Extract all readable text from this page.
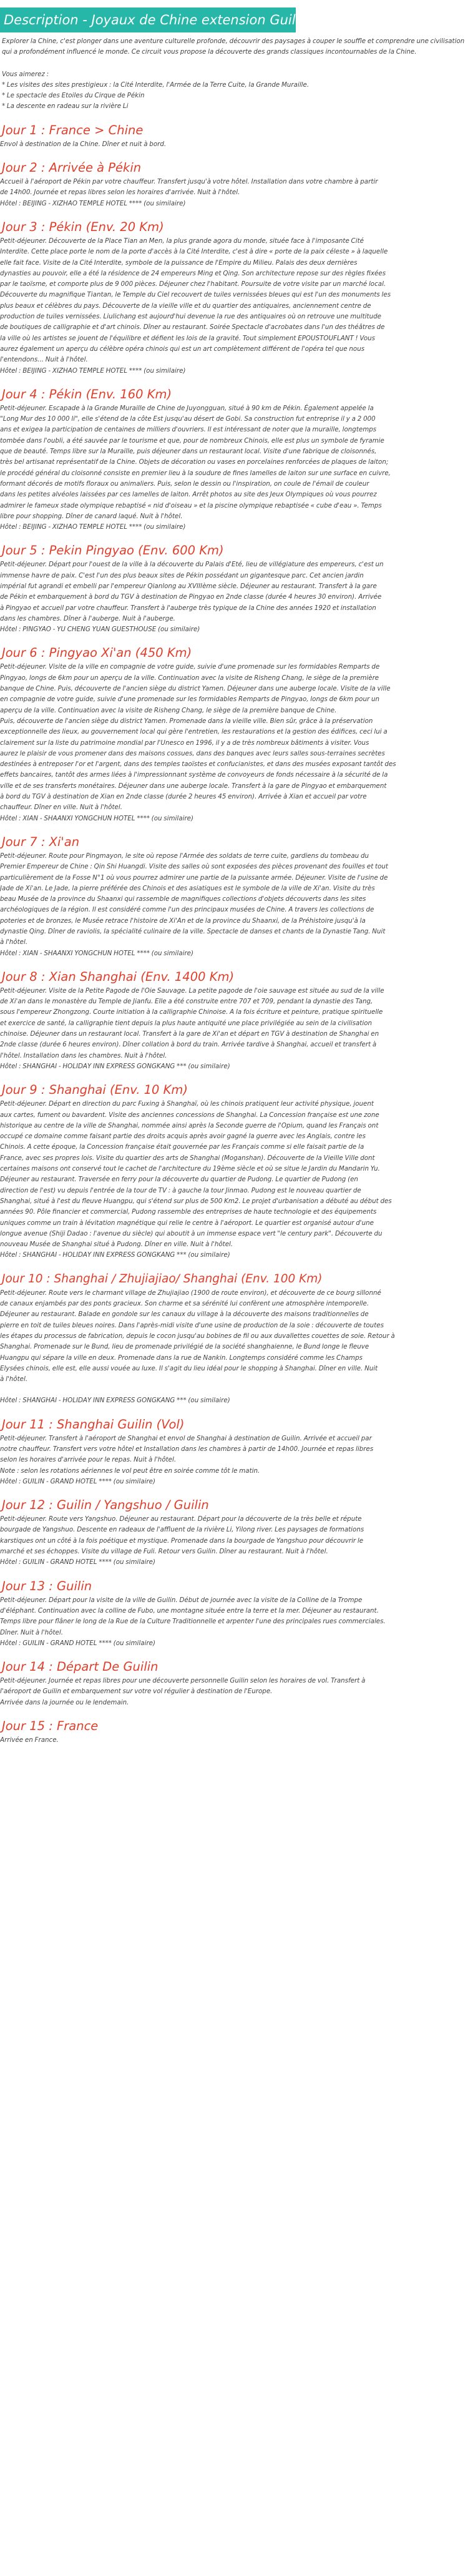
Description - Joyaux de Chine extension Guilin - 15J/12N

Explorer la Chine, c'est plonger dans une aventure culturelle profonde, découvrir des paysages à couper le souffle et comprendre une civilisation qui a profondément influencé le monde. Ce circuit vous propose la découverte des grands classiques incontournables de la Chine.

Vous aimerez :

* Les visites des sites prestigieux : la Cité Interdite, l'Armée de la Terre Cuite, la Grande Muraille.

* Le spectacle des Etoiles du Cirque de Pékin

* La descente en radeau sur la rivière Li

Jour 1 : France > Chine

Envol à destination de la Chine. Dîner et nuit à bord.

Jour 2 : Arrivée à Pékin

Accueil à l'aéroport de Pékin par votre chauffeur. Transfert jusqu'à votre hôtel. Installation dans votre chambre à partir

de 14h00. Journée et repas libres selon les horaires d'arrivée. Nuit à l'hôtel.

Hôtel : BEIJING - XIZHAO TEMPLE HOTEL **** (ou similaire)

Jour 3 : Pékin (Env. 20 Km)

Petit-déjeuner. Découverte de la Place Tian an Men, la plus grande agora du monde, située face à l'imposante Cité

Interdite. Cette place porte le nom de la porte d'accès à la Cité Interdite, c'est à dire « porte de la paix céleste » à laquelle

elle fait face. Visite de la Cité Interdite, symbole de la puissance de l'Empire du Milieu. Palais des deux dernières

dynasties au pouvoir, elle a été la résidence de 24 empereurs Ming et Qing. Son architecture repose sur des règles fixées

par le taoïsme, et comporte plus de 9 000 pièces. Déjeuner chez l'habitant. Poursuite de votre visite par un marché local.

Découverte du magnifique Tiantan, le Temple du Ciel recouvert de tuiles vernissées bleues qui est l'un des monuments les

plus beaux et célèbres du pays. Découverte de la vieille ville et du quartier des antiquaires, anciennement centre de

production de tuiles vernissées. Liulichang est aujourd'hui devenue la rue des antiquaires où on retrouve une multitude

de boutiques de calligraphie et d'art chinois. Dîner au restaurant. Soirée Spectacle d'acrobates dans l'un des théâtres de

la ville où les artistes se jouent de l'équilibre et défient les lois de la gravité. Tout simplement EPOUSTOUFLANT ! Vous

aurez également un aperçu du célèbre opéra chinois qui est un art complètement différent de l'opéra tel que nous

l'entendons... Nuit à l'hôtel.

Hôtel : BEIJING - XIZHAO TEMPLE HOTEL **** (ou similaire)

Jour 4 : Pékin (Env. 160 Km)

Petit-déjeuner. Escapade à la Grande Muraille de Chine de Juyongguan, situé à 90 km de Pékin. Également appelée la

"Long Mur des 10 000 li", elle s'étend de la côte Est jusqu'au désert de Gobi. Sa construction fut entreprise il y a 2 000

ans et exigea la participation de centaines de milliers d'ouvriers. Il est intéressant de noter que la muraille, longtemps

tombée dans l'oubli, a été sauvée par le tourisme et que, pour de nombreux Chinois, elle est plus un symbole de fyramie

que de beauté. Temps libre sur la Muraille, puis déjeuner dans un restaurant local. Visite d'une fabrique de cloisonnés,

très bel artisanat représentatif de la Chine. Objets de décoration ou vases en porcelaines renforcées de plaques de laiton;

le procédé général du cloisonné consiste en premier lieu à la soudure de fines lamelles de laiton sur une surface en cuivre,

formant décorés de motifs floraux ou animaliers. Puis, selon le dessin ou l'inspiration, on coule de l'émail de couleur

dans les petites alvéoles laissées par ces lamelles de laiton. Arrêt photos au site des Jeux Olympiques où vous pourrez

admirer le fameux stade olympique rebaptisé « nid d'oiseau » et la piscine olympique rebaptisée « cube d'eau ». Temps

libre pour shopping. Dîner de canard laqué. Nuit à l'hôtel.

Hôtel : BEIJING - XIZHAO TEMPLE HOTEL **** (ou similaire)

Jour 5 : Pekin Pingyao (Env. 600 Km)

Petit-déjeuner. Départ pour l'ouest de la ville à la découverte du Palais d'Eté, lieu de villégiature des empereurs, c'est un

immense havre de paix. C'est l'un des plus beaux sites de Pékin possédant un gigantesque parc. Cet ancien jardin

impérial fut agrandi et embelli par l'empereur Qianlong au XVIIIème siècle. Déjeuner au restaurant. Transfert à la gare

de Pékin et embarquement à bord du TGV à destination de Pingyao en 2nde classe (durée 4 heures 30 environ). Arrivée

à Pingyao et accueil par votre chauffeur. Transfert à l'auberge très typique de la Chine des années 1920 et installation

dans les chambres. Dîner à l'auberge. Nuit à l'auberge.

Hôtel : PINGYAO - YU CHENG YUAN GUESTHOUSE (ou similaire)

Jour 6 : Pingyao Xi'an (450 Km)

Petit-déjeuner. Visite de la ville en compagnie de votre guide, suivie d'une promenade sur les formidables Remparts de

Pingyao, longs de 6km pour un aperçu de la ville. Continuation avec la visite de Risheng Chang, le siège de la première

banque de Chine. Puis, découverte de l'ancien siège du district Yamen. Déjeuner dans une auberge locale. Visite de la ville

en compagnie de votre guide, suivie d'une promenade sur les formidables Remparts de Pingyao, longs de 6km pour un

aperçu de la ville. Continuation avec la visite de Risheng Chang, le siège de la première banque de Chine.

Puis, découverte de l'ancien siège du district Yamen. Promenade dans la vieille ville. Bien sûr, grâce à la préservation

exceptionnelle des lieux, au gouvernement local qui gère l'entretien, les restaurations et la gestion des édifices, ceci lui a

clairement sur la liste du patrimoine mondial par l'Unesco en 1996, il y a de très nombreux bâtiments à visiter. Vous

aurez le plaisir de vous promener dans des maisons cossues, dans des banques avec leurs salles sous-terraines secrètes

destinées à entreposer l'or et l'argent, dans des temples taoïstes et confucianistes, et dans des musées exposant tantôt des

effets bancaires, tantôt des armes liées à l'impressionnant système de convoyeurs de fonds nécessaire à la sécurité de la

ville et de ses transferts monétaires. Déjeuner dans une auberge locale. Transfert à la gare de Pingyao et embarquement

à bord du TGV à destination de Xian en 2nde classe (durée 2 heures 45 environ). Arrivée à Xian et accueil par votre

chauffeur. Dîner en ville. Nuit à l'hôtel.

Hôtel : XIAN - SHAANXI YONGCHUN HOTEL **** (ou similaire)

Jour 7 : Xi'an

Petit-déjeuner. Route pour Pingmayon, le site où repose l'Armée des soldats de terre cuite, gardiens du tombeau du

Premier Empereur de Chine : Qin Shi Huangdi. Visite des salles où sont exposées des pièces provenant des fouilles et tout

particulièrement de la Fosse N°1 où vous pourrez admirer une partie de la puissante armée. Déjeuner. Visite de l'usine de

Jade de Xi'an. Le Jade, la pierre préférée des Chinois et des asiatiques est le symbole de la ville de Xi'an. Visite du très

beau Musée de la province du Shaanxi qui rassemble de magnifiques collections d'objets découverts dans les sites

archéologiques de la région. Il est considéré comme l'un des principaux musées de Chine. A travers les collections de

poteries et de bronzes, le Musée retrace l'histoire de Xi'An et de la province du Shaanxi, de la Préhistoire jusqu'à la

dynastie Qing. Dîner de raviolis, la spécialité culinaire de la ville. Spectacle de danses et chants de la Dynastie Tang. Nuit

à l'hôtel.

Hôtel : XIAN - SHAANXI YONGCHUN HOTEL **** (ou similaire)

Jour 8 : Xian Shanghai (Env. 1400 Km)

Petit-déjeuner. Visite de la Petite Pagode de l'Oie Sauvage. La petite pagode de l'oie sauvage est située au sud de la ville

de Xi'an dans le monastère du Temple de Jianfu. Elle a été construite entre 707 et 709, pendant la dynastie des Tang,

sous l'empereur Zhongzong. Courte initiation à la calligraphie Chinoise. A la fois écriture et peinture, pratique spirituelle

et exercice de santé, la calligraphie tient depuis la plus haute antiquité une place privilégiée au sein de la civilisation

chinoise. Déjeuner dans un restaurant local. Transfert à la gare de Xi'an et départ en TGV à destination de Shanghai en

2nde classe (durée 6 heures environ). Dîner collation à bord du train. Arrivée tardive à Shanghai, accueil et transfert à

l'hôtel. Installation dans les chambres. Nuit à l'hôtel.

Hôtel : SHANGHAI - HOLIDAY INN EXPRESS GONGKANG *** (ou similaire)

Jour 9 : Shanghai (Env. 10 Km)

Petit-déjeuner. Départ en direction du parc Fuxing à Shanghaï, où les chinois pratiquent leur activité physique, jouent

aux cartes, fument ou bavardent. Visite des anciennes concessions de Shanghai. La Concession française est une zone

historique au centre de la ville de Shanghai, nommée ainsi après la Seconde guerre de l'Opium, quand les Français ont

occupé ce domaine comme faisant partie des droits acquis après avoir gagné la guerre avec les Anglais, contre les

Chinois. A cette époque, la Concession française était gouvernée par les Français comme si elle faisait partie de la

France, avec ses propres lois. Visite du quartier des arts de Shanghai (Moganshan). Découverte de la Vieille Ville dont

certaines maisons ont conservé tout le cachet de l'architecture du 19ème siècle et où se situe le Jardin du Mandarin Yu.

Déjeuner au restaurant. Traversée en ferry pour la découverte du quartier de Pudong. Le quartier de Pudong (en

direction de l'est) vu depuis l'entrée de la tour de TV : à gauche la tour Jinmao. Pudong est le nouveau quartier de

Shanghai, situé à l'est du fleuve Huangpu, qui s'étend sur plus de 500 Km2. Le projet d'urbanisation a débuté au début des

années 90. Pôle financier et commercial, Pudong rassemble des entreprises de haute technologie et des équipements

uniques comme un train à lévitation magnétique qui relie le centre à l'aéroport. Le quartier est organisé autour d'une

longue avenue (Shiji Dadao : l'avenue du siècle) qui aboutit à un immense espace vert "le century park". Découverte du

nouveau Musée de Shanghai situé à Pudong. Dîner en ville. Nuit à l'hôtel.

Hôtel : SHANGHAI - HOLIDAY INN EXPRESS GONGKANG *** (ou similaire)

Jour 10 : Shanghai / Zhujiajiao/ Shanghai (Env. 100 Km)

Petit-déjeuner. Route vers le charmant village de Zhujiajiao (1900 de route environ), et découverte de ce bourg sillonné

de canaux enjambés par des ponts gracieux. Son charme et sa sérénité lui confèrent une atmosphère intemporelle.

Déjeuner au restaurant. Balade en gondole sur les canaux du village à la découverte des maisons traditionnelles de

pierre en toit de tuiles bleues noires. Dans l'après-midi visite d'une usine de production de la soie : découverte de toutes

les étapes du processus de fabrication, depuis le cocon jusqu'au bobines de fil ou aux duvallettes couettes de soie. Retour à

Shanghai. Promenade sur le Bund, lieu de promenade privilégié de la société shanghaienne, le Bund longe le fleuve

Huangpu qui sépare la ville en deux. Promenade dans la rue de Nankin. Longtemps considéré comme les Champs

Elysées chinois, elle est, elle aussi vouée au luxe. Il s'agit du lieu idéal pour le shopping à Shanghai. Dîner en ville. Nuit

à l'hôtel.

Hôtel : SHANGHAI - HOLIDAY INN EXPRESS GONGKANG *** (ou similaire)

Jour 11 : Shanghai Guilin (Vol)

Petit-déjeuner. Transfert à l'aéroport de Shanghai et envol de Shanghai à destination de Guilin. Arrivée et accueil par

notre chauffeur. Transfert vers votre hôtel et Installation dans les chambres à partir de 14h00. Journée et repas libres

selon les horaires d'arrivée pour le repas. Nuit à l'hôtel.

Note : selon les rotations aériennes le vol peut être en soirée comme tôt le matin.

Hôtel : GUILIN - GRAND HOTEL **** (ou similaire)

Jour 12 : Guilin / Yangshuo / Guilin

Petit-déjeuner. Route vers Yangshuo. Déjeuner au restaurant. Départ pour la découverte de la très belle et répute

bourgade de Yangshuo. Descente en radeaux de l'affluent de la rivière Li, Yilong river. Les paysages de formations

karstiques ont un côté à la fois poétique et mystique. Promenade dans la bourgade de Yangshuo pour découvrir le

marché et ses échoppes. Visite du village de Fuli. Retour vers Guilin. Dîner au restaurant. Nuit à l'hôtel.

Hôtel : GUILIN - GRAND HOTEL **** (ou similaire)

Jour 13 : Guilin

Petit-déjeuner. Départ pour la visite de la ville de Guilin. Début de journée avec la visite de la Colline de la Trompe

d'éléphant. Continuation avec la colline de Fubo, une montagne située entre la terre et la mer. Déjeuner au restaurant.

Temps libre pour flâner le long de la Rue de la Culture Traditionnelle et arpenter l'une des principales rues commerciales.

Dîner. Nuit à l'hôtel.

Hôtel : GUILIN - GRAND HOTEL **** (ou similaire)

Jour 14 : Départ De Guilin

Petit-déjeuner. Journée et repas libres pour une découverte personnelle Guilin selon les horaires de vol. Transfert à

l'aéroport de Guilin et embarquement sur votre vol régulier à destination de l'Europe.

Arrivée dans la journée ou le lendemain.

Jour 15 : France

Arrivée en France.
